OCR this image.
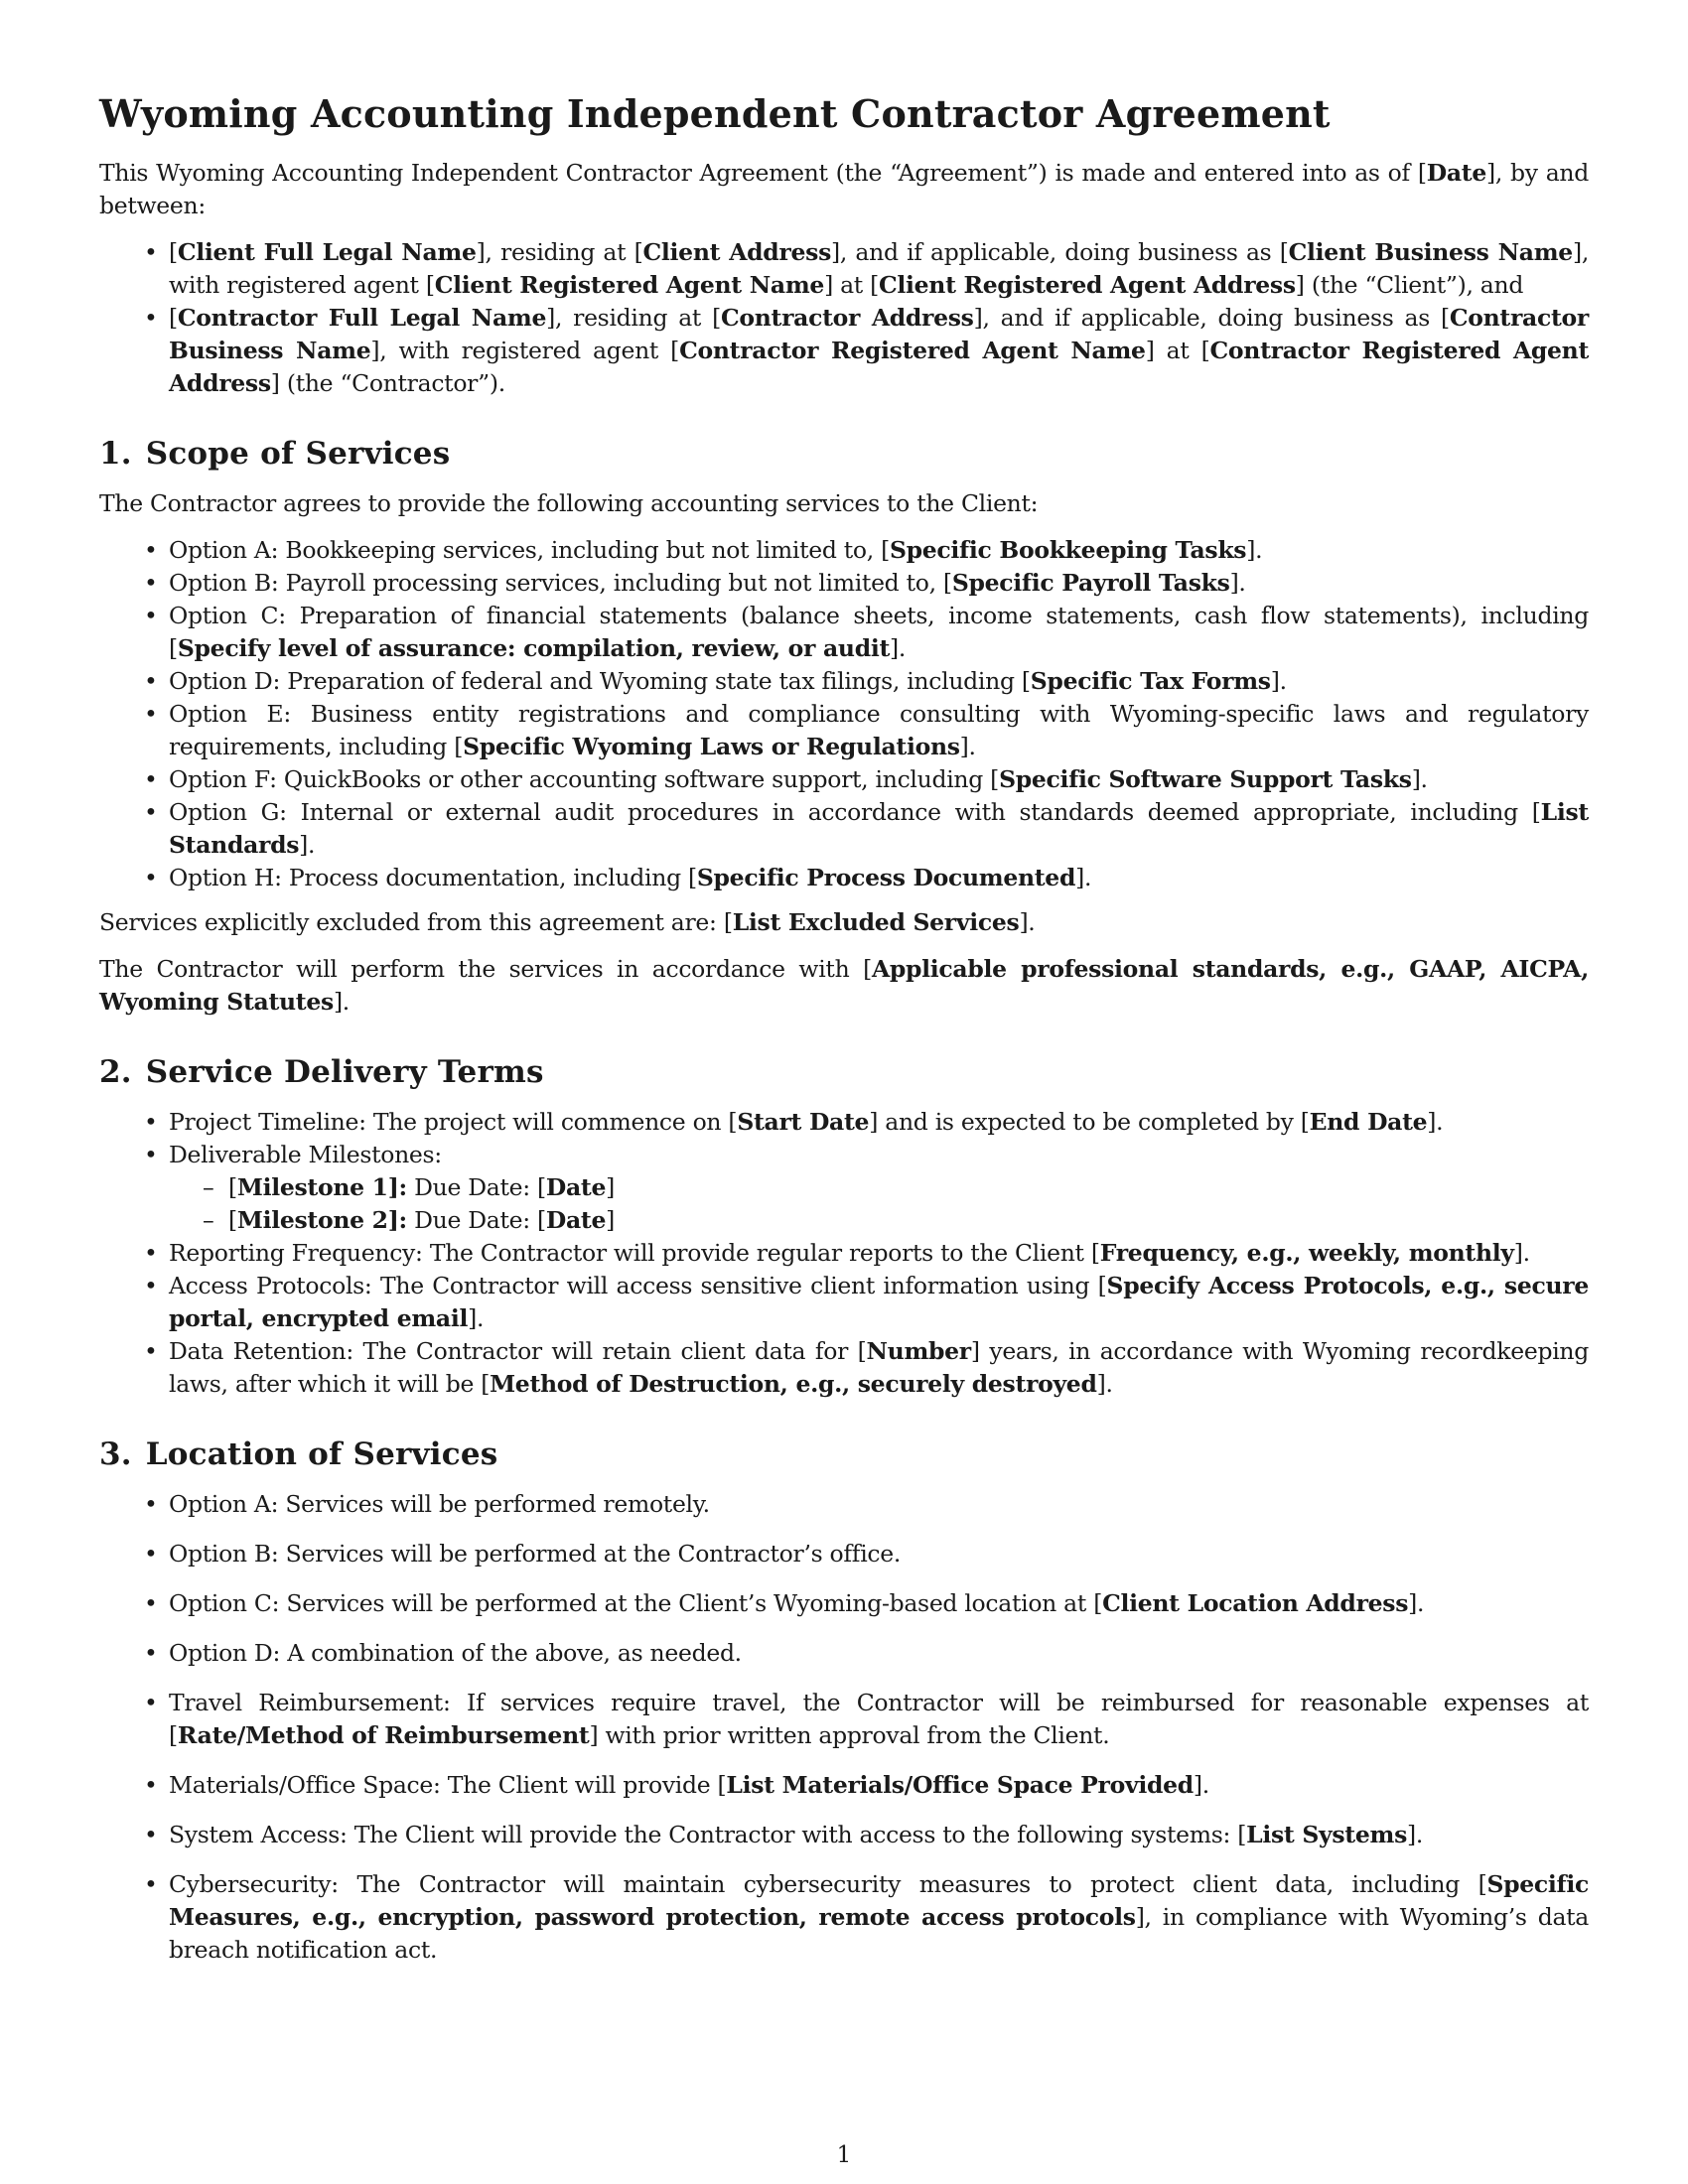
Wyoming Accounting Independent Contractor Agreement

This Wyoming Accounting Independent Contractor Agreement (the “Agreement”) is made and entered into as of [Date], by and between:

• [Client Full Legal Name], residing at [Client Address], and if applicable, doing business as [Client Business Name], with registered agent [Client Registered Agent Name] at [Client Registered Agent Address] (the “Client”), and
• [Contractor Full Legal Name], residing at [Contractor Address], and if applicable, doing business as [Contractor Business Name], with registered agent [Contractor Registered Agent Name] at [Contractor Registered Agent Address] (the “Contractor”).
1. Scope of Services

The Contractor agrees to provide the following accounting services to the Client:

• Option A: Bookkeeping services, including but not limited to, [Specific Bookkeeping Tasks].
• Option B: Payroll processing services, including but not limited to, [Specific Payroll Tasks].
• Option C: Preparation of financial statements (balance sheets, income statements, cash flow statements), including [Specify level of assurance: compilation, review, or audit].
• Option D: Preparation of federal and Wyoming state tax filings, including [Specific Tax Forms].
• Option E: Business entity registrations and compliance consulting with Wyoming-specific laws and regulatory requirements, including [Specific Wyoming Laws or Regulations].
• Option F: QuickBooks or other accounting software support, including [Specific Software Support Tasks].
• Option G: Internal or external audit procedures in accordance with standards deemed appropriate, including [List Standards].
• Option H: Process documentation, including [Specific Process Documented].

Services explicitly excluded from this agreement are: [List Excluded Services].

The Contractor will perform the services in accordance with [Applicable professional standards, e.g., GAAP, AICPA, Wyoming Statutes].

2. Service Delivery Terms
• Project Timeline: The project will commence on [Start Date] and is expected to be completed by [End Date].
• Deliverable Milestones:
– [Milestone 1]: Due Date: [Date]
– [Milestone 2]: Due Date: [Date]
• Reporting Frequency: The Contractor will provide regular reports to the Client [Frequency, e.g., weekly, monthly].
• Access Protocols: The Contractor will access sensitive client information using [Specify Access Protocols, e.g., secure portal, encrypted email].
• Data Retention: The Contractor will retain client data for [Number] years, in accordance with Wyoming recordkeeping laws, after which it will be [Method of Destruction, e.g., securely destroyed].
3. Location of Services
• Option A: Services will be performed remotely.
• Option B: Services will be performed at the Contractor’s office.
• Option C: Services will be performed at the Client’s Wyoming-based location at [Client Location Address].
• Option D: A combination of the above, as needed.
• Travel Reimbursement: If services require travel, the Contractor will be reimbursed for reasonable expenses at [Rate/Method of Reimbursement] with prior written approval from the Client.
• Materials/Office Space: The Client will provide [List Materials/Office Space Provided].
• System Access: The Client will provide the Contractor with access to the following systems: [List Systems].
• Cybersecurity: The Contractor will maintain cybersecurity measures to protect client data, including [Specific Measures, e.g., encryption, password protection, remote access protocols], in compliance with Wyoming’s data breach notification act.
1
